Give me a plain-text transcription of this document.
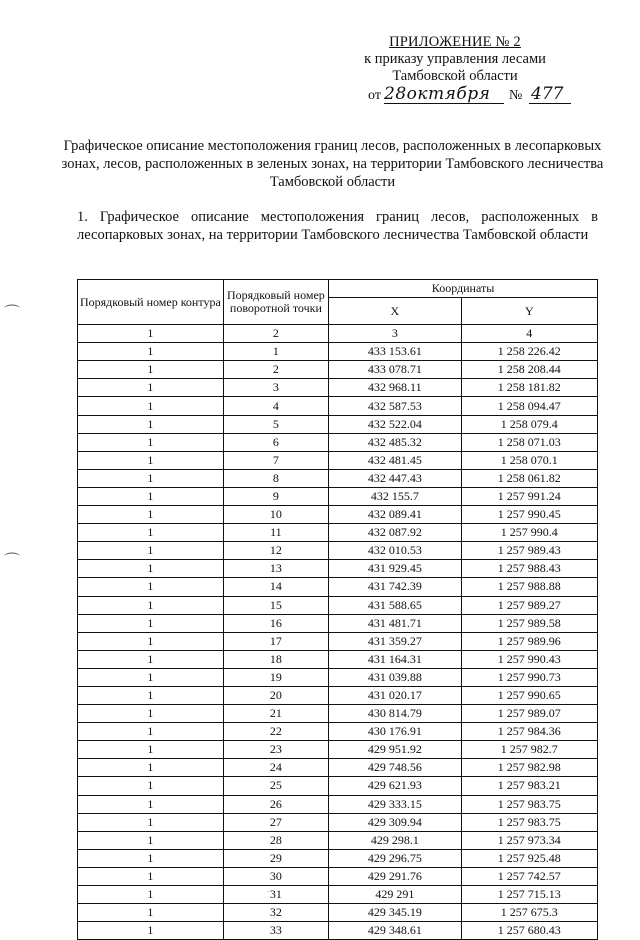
ПРИЛОЖЕНИЕ № 2
к приказу управления лесами
Тамбовской области
от 28октября № 477
Графическое описание местоположения границ лесов, расположенных в лесопарковых зонах, лесов, расположенных в зеленых зонах, на территории Тамбовского лесничества Тамбовской области
1. Графическое описание местоположения границ лесов, расположенных в лесопарковых зонах, на территории Тамбовского лесничества Тамбовской области
Порядковый номер контура	Порядковый номер поворотной точки	Координаты	
		X	Y
1	2	3	4
1	1	433 153.61	1 258 226.42
1	2	433 078.71	1 258 208.44
1	3	432 968.11	1 258 181.82
1	4	432 587.53	1 258 094.47
1	5	432 522.04	1 258 079.4
1	6	432 485.32	1 258 071.03
1	7	432 481.45	1 258 070.1
1	8	432 447.43	1 258 061.82
1	9	432 155.7	1 257 991.24
1	10	432 089.41	1 257 990.45
1	11	432 087.92	1 257 990.4
1	12	432 010.53	1 257 989.43
1	13	431 929.45	1 257 988.43
1	14	431 742.39	1 257 988.88
1	15	431 588.65	1 257 989.27
1	16	431 481.71	1 257 989.58
1	17	431 359.27	1 257 989.96
1	18	431 164.31	1 257 990.43
1	19	431 039.88	1 257 990.73
1	20	431 020.17	1 257 990.65
1	21	430 814.79	1 257 989.07
1	22	430 176.91	1 257 984.36
1	23	429 951.92	1 257 982.7
1	24	429 748.56	1 257 982.98
1	25	429 621.93	1 257 983.21
1	26	429 333.15	1 257 983.75
1	27	429 309.94	1 257 983.75
1	28	429 298.1	1 257 973.34
1	29	429 296.75	1 257 925.48
1	30	429 291.76	1 257 742.57
1	31	429 291	1 257 715.13
1	32	429 345.19	1 257 675.3
1	33	429 348.61	1 257 680.43
⌒
⌒
·
